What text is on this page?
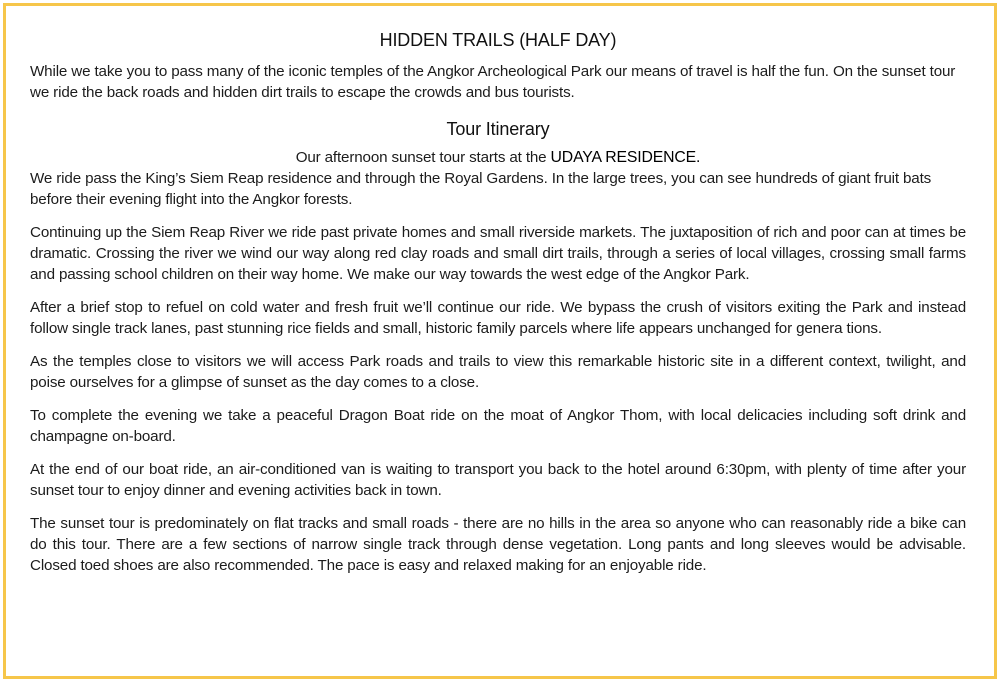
HIDDEN TRAILS (HALF DAY)

While we take you to pass many of the iconic temples of the Angkor Archeological Park our means of travel is half the fun. On the sunset tour we ride the back roads and hidden dirt trails to escape the crowds and bus tourists.

Tour Itinerary
Our afternoon sunset tour starts at the UDAYA RESIDENCE.

We ride pass the King’s Siem Reap residence and through the Royal Gardens. In the large trees, you can see hundreds of giant fruit bats before their evening flight into the Angkor forests.

Continuing up the Siem Reap River we ride past private homes and small riverside markets. The juxtaposition of rich and poor can at times be dramatic. Crossing the river we wind our way along red clay roads and small dirt trails, through a series of local villages, crossing small farms and passing school children on their way home. We make our way towards the west edge of the Angkor Park.

After a brief stop to refuel on cold water and fresh fruit we’ll continue our ride. We bypass the crush of visitors exiting the Park and instead follow single track lanes, past stunning rice fields and small, historic family parcels where life appears unchanged for genera tions.

As the temples close to visitors we will access Park roads and trails to view this remarkable historic site in a different context, twilight, and poise ourselves for a glimpse of sunset as the day comes to a close.

To complete the evening we take a peaceful Dragon Boat ride on the moat of Angkor Thom, with local delicacies including soft drink and champagne on-board.

At the end of our boat ride, an air-conditioned van is waiting to transport you back to the hotel around 6:30pm, with plenty of time after your sunset tour to enjoy dinner and evening activities back in town.

The sunset tour is predominately on flat tracks and small roads - there are no hills in the area so anyone who can reasonably ride a bike can do this tour. There are a few sections of narrow single track through dense vegetation. Long pants and long sleeves would be advisable. Closed toed shoes are also recommended. The pace is easy and relaxed making for an enjoyable ride.
